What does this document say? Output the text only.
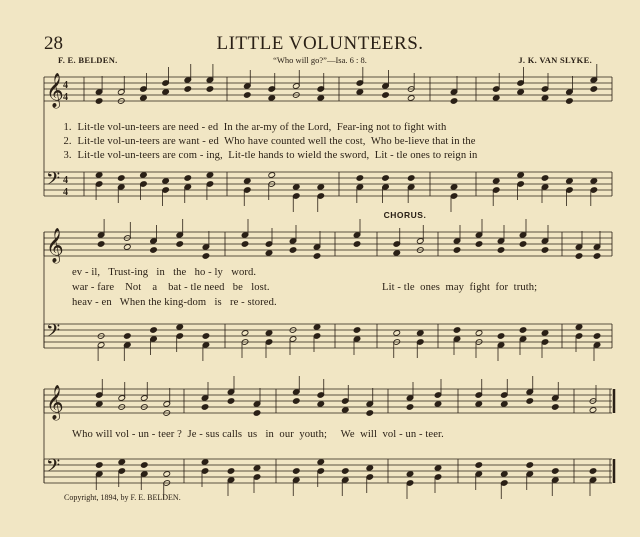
28	LITTLE VOLUNTEERS.
F. E. BELDEN.	“Who will go?”—Isa. 6 : 8.	J. K. VAN SLYKE.
𝄞 4
4
𝄢 4
4
𝄞
𝄢
𝄞
𝄢

1. Lit-tle vol-un-teers are need - ed  In the ar-my of the Lord,  Fear-ing not to fight with

2. Lit-tle vol-un-teers are want - ed  Who have counted well the cost,  Who be-lieve that in the

3. Lit-tle vol-un-teers are com - ing,  Lit-tle hands to wield the sword,  Lit - tle ones to reign in

CHORUS.
ev - il,   Trust-ing   in   the   ho - ly   word.
war - fare    Not    a    bat - tle need   be   lost.
heav - en   When the king-dom   is   re - stored.
Lit - tle  ones  may  fight  for  truth;
Who will vol - un - teer ?  Je - sus calls  us   in  our  youth;     We  will  vol - un - teer.
Copyright, 1894, by F. E. BELDEN.
